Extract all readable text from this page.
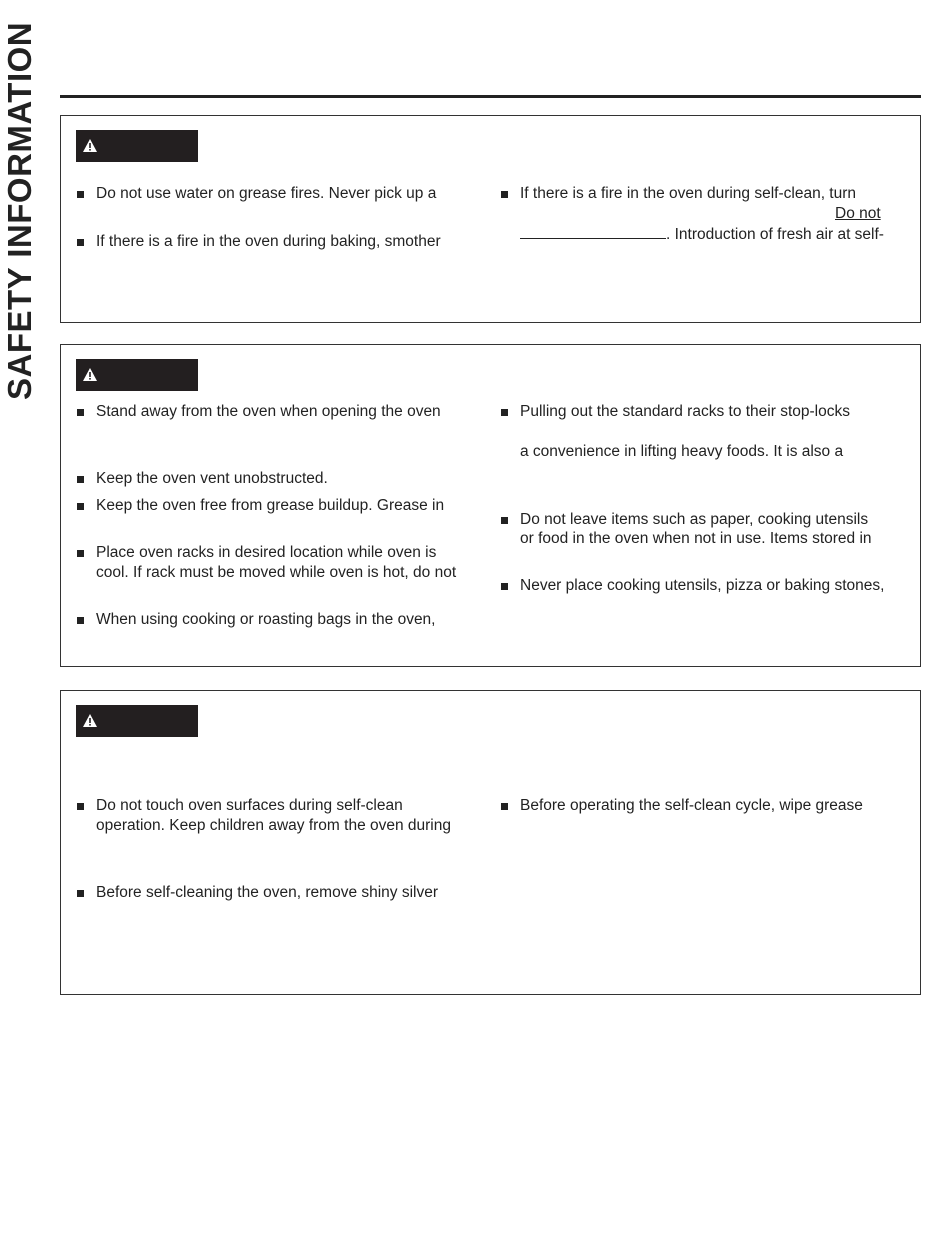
SAFETY INFORMATION	Do not use water on grease fires. Never pick up a
If there is a fire in the oven during baking, smother
If there is a fire in the oven during self-clean, turn
Do not
. Introduction of fresh air at self-
Stand away from the oven when opening the oven
Keep the oven vent unobstructed.
Keep the oven free from grease buildup. Grease in
Place oven racks in desired location while oven is
cool. If rack must be moved while oven is hot, do not
When using cooking or roasting bags in the oven,
Pulling out the standard racks to their stop-locks
a convenience in lifting heavy foods. It is also a
Do not leave items such as paper, cooking utensils
or food in the oven when not in use. Items stored in
Never place cooking utensils, pizza or baking stones,
Do not touch oven surfaces during self-clean
operation. Keep children away from the oven during
Before self-cleaning the oven, remove shiny silver
Before operating the self-clean cycle, wipe grease
